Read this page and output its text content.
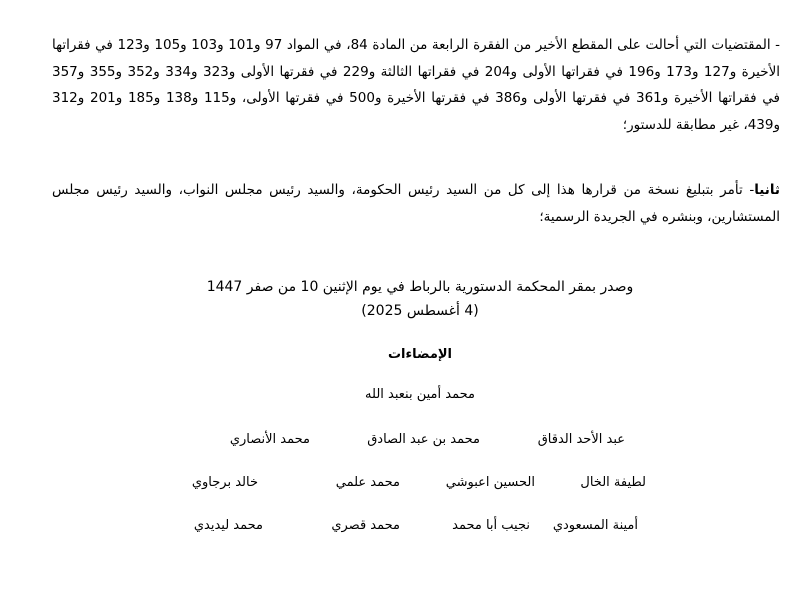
- المقتضيات التي أحالت على المقطع الأخير من الفقرة الرابعة من المادة 84، في المواد 97 و101 و103 و105 و123 في فقراتها الأخيرة و127 و173 و196 في فقراتها الأولى و204 في فقراتها الثالثة و229 في فقرتها الأولى و323 و334 و352 و355 و357 في فقراتها الأخيرة و361 في فقرتها الأولى و386 في فقرتها الأخيرة و500 في فقرتها الأولى، و115 و138 و185 و201 و312 و439، غير مطابقة للدستور؛
ثانيا- تأمر بتبليغ نسخة من قرارها هذا إلى كل من السيد رئيس الحكومة، والسيد رئيس مجلس النواب، والسيد رئيس مجلس المستشارين، وبنشره في الجريدة الرسمية؛
وصدر بمقر المحكمة الدستورية بالرباط في يوم الإثنين 10 من صفر 1447
(4 أغسطس 2025)
الإمضاءات
محمد أمين بنعبد الله
عبد الأحد الدقاق
محمد بن عبد الصادق
محمد الأنصاري
لطيفة الخال
الحسين اعبوشي
محمد علمي
خالد برجاوي
أمينة المسعودي
نجيب أبا محمد
محمد قصري
محمد ليديدي
